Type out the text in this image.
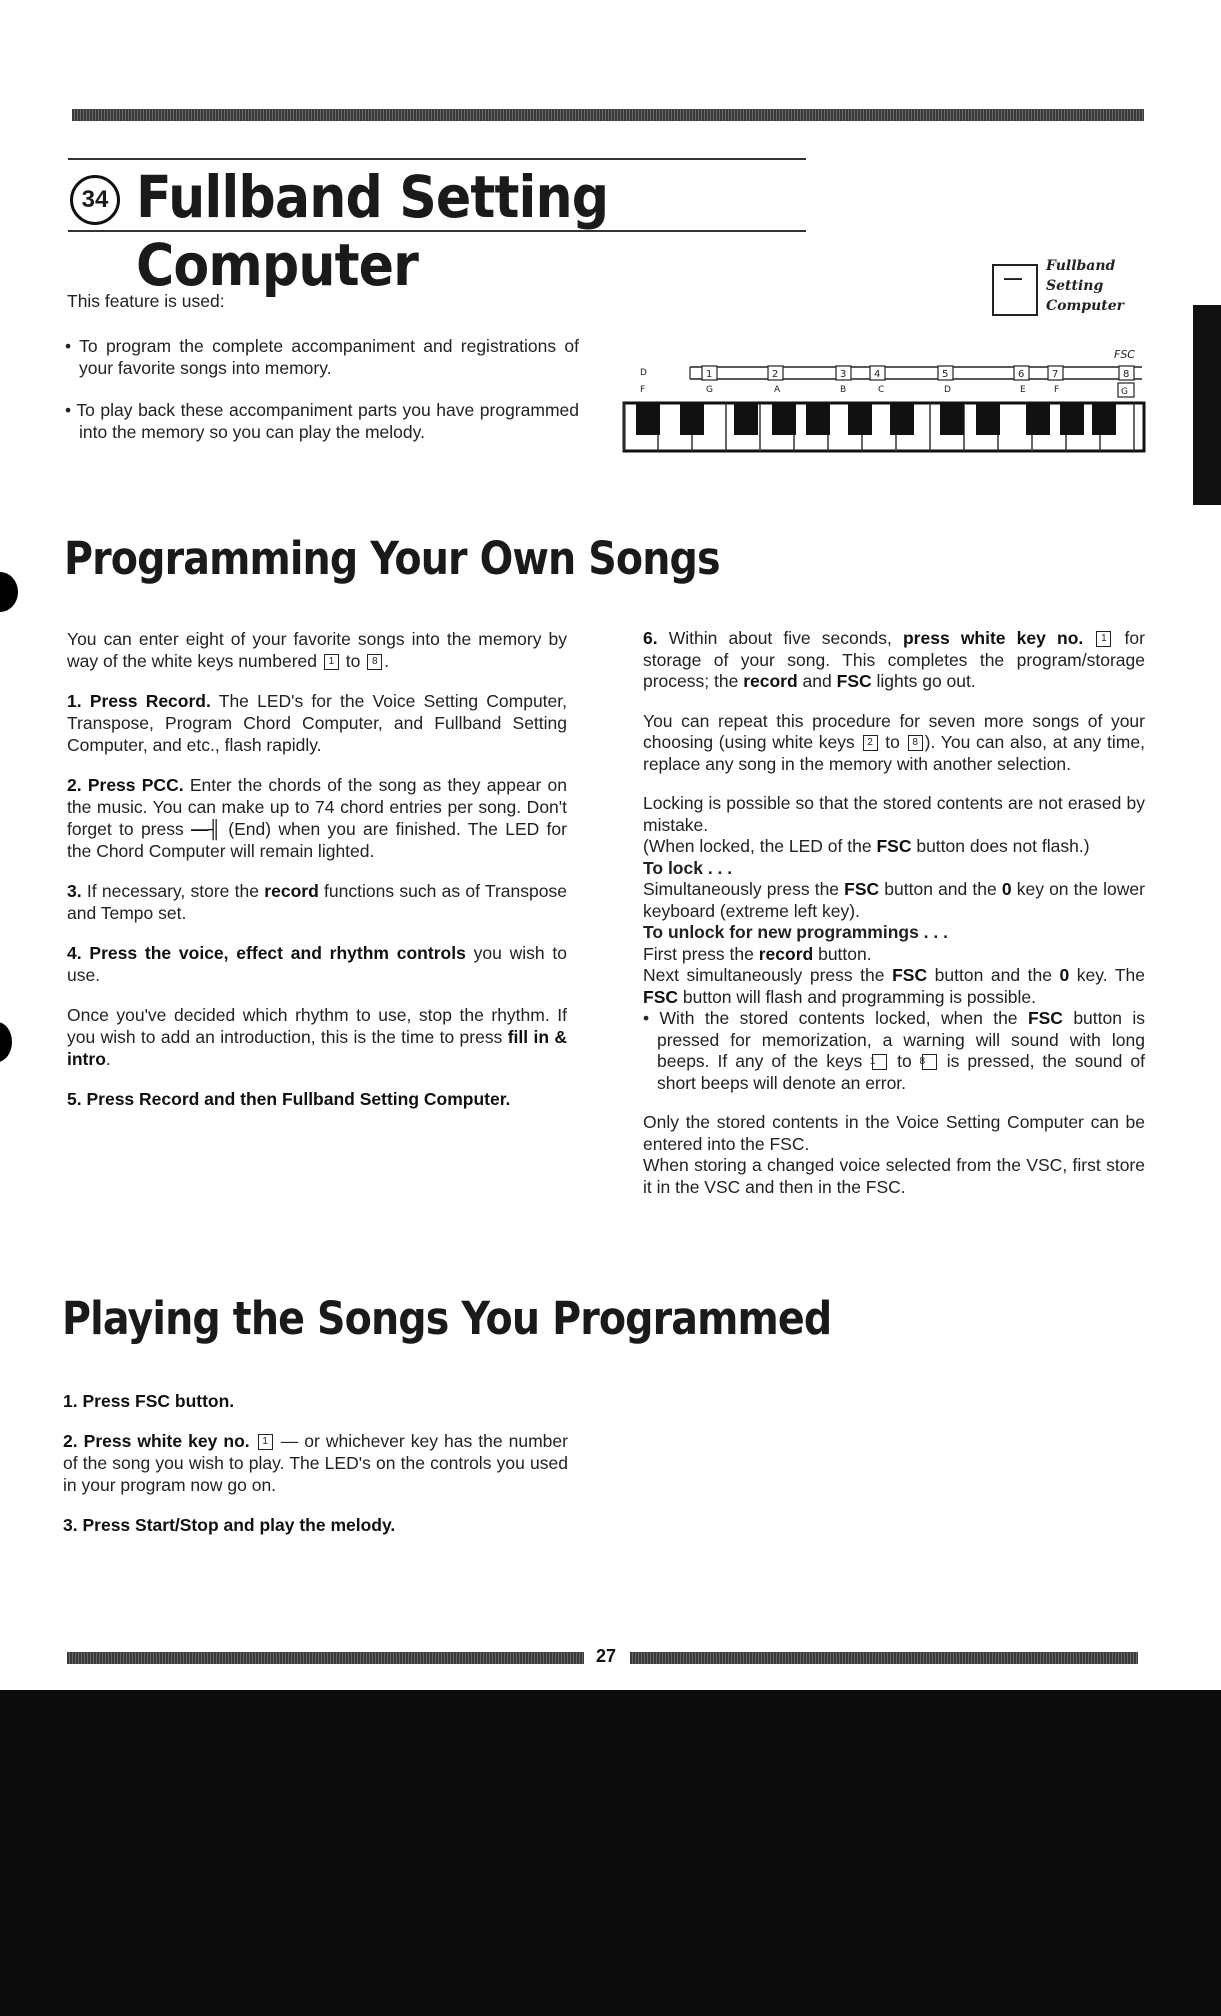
34 Fullband Setting Computer	—
Fullband
Setting
Computer
FSC
D
F
1	2	3	4	5	6	7	8
G	A	B	C	D	E	F	G
This feature is used:
• To program the complete accompaniment and registrations of your favorite songs into memory.
• To play back these accompaniment parts you have programmed into the memory so you can play the melody.
Programming Your Own Songs
You can enter eight of your favorite songs into the memory by way of the white keys numbered 1 to 8 .
1. Press Record. The LED's for the Voice Setting Computer, Transpose, Program Chord Computer, and Fullband Setting Computer, and etc., flash rapidly.
2. Press PCC. Enter the chords of the song as they appear on the music. You can make up to 74 chord entries per song. Don't forget to press —╢ (End) when you are finished. The LED for the Chord Computer will remain lighted.
3. If necessary, store the record functions such as of Transpose and Tempo set.
4. Press the voice, effect and rhythm controls you wish to use.
Once you've decided which rhythm to use, stop the rhythm. If you wish to add an introduction, this is the time to press fill in & intro.
5. Press Record and then Fullband Setting Computer.
6. Within about five seconds, press white key no. 1 for storage of your song. This completes the program/storage process; the record and FSC lights go out.
You can repeat this procedure for seven more songs of your choosing (using white keys 2 to 8 ). You can also, at any time, replace any song in the memory with another selection.
Locking is possible so that the stored contents are not erased by mistake.
(When locked, the LED of the FSC button does not flash.)
To lock . . .
Simultaneously press the FSC button and the 0 key on the lower keyboard (extreme left key).
To unlock for new programmings . . .
First press the record button.
Next simultaneously press the FSC button and the 0 key. The FSC button will flash and programming is possible.
• With the stored contents locked, when the FSC button is pressed for memorization, a warning will sound with long beeps. If any of the keys 1 to 8 is pressed, the sound of short beeps will denote an error.
Only the stored contents in the Voice Setting Computer can be entered into the FSC.
When storing a changed voice selected from the VSC, first store it in the VSC and then in the FSC.
Playing the Songs You Programmed
1. Press FSC button.
2. Press white key no. 1 — or whichever key has the number of the song you wish to play. The LED's on the controls you used in your program now go on.
3. Press Start/Stop and play the melody.
27
